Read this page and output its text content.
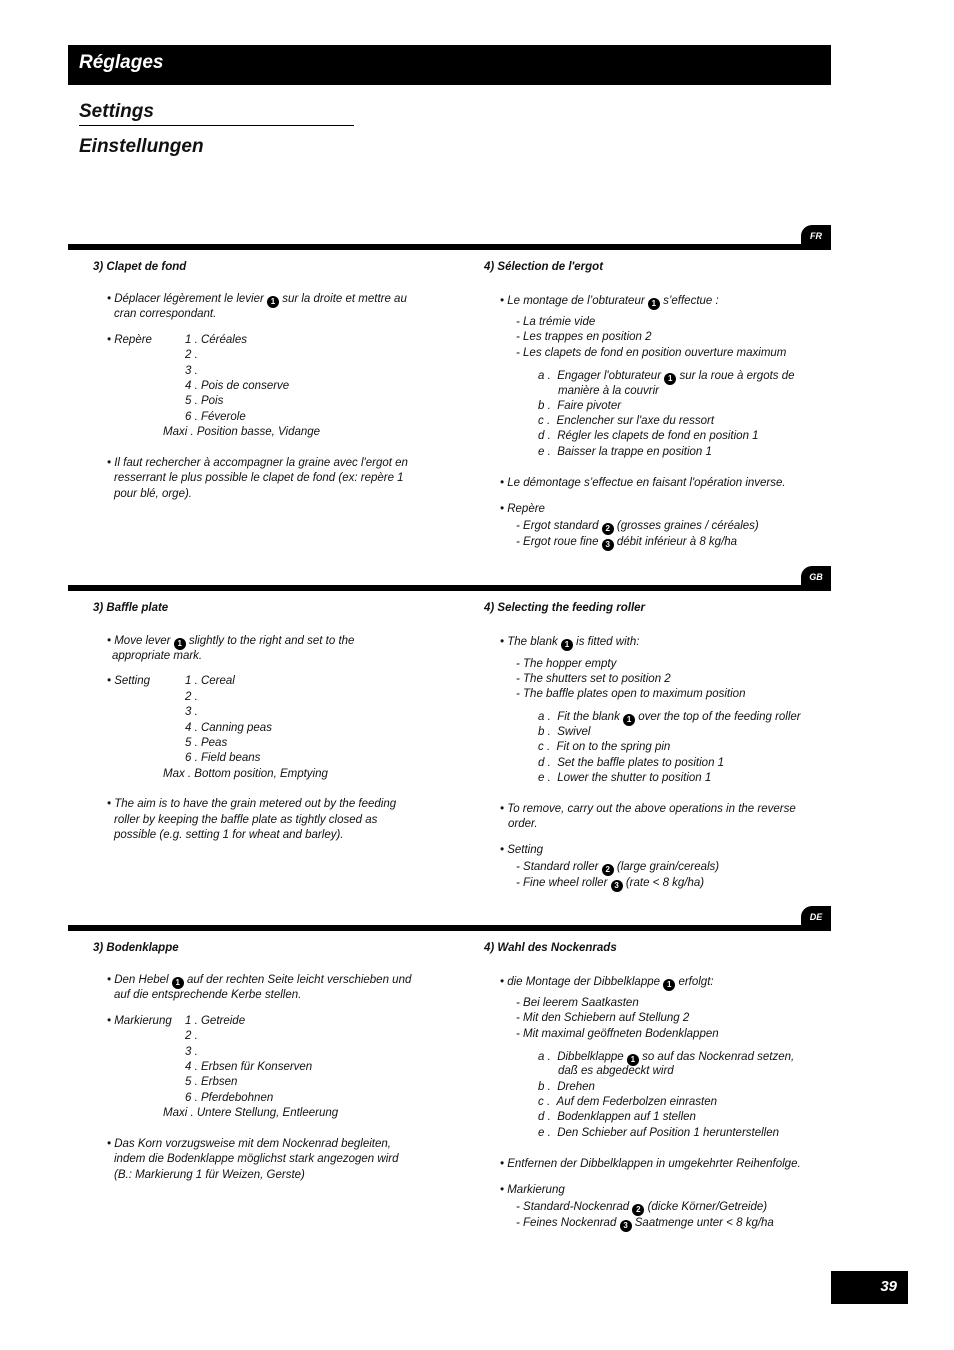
Réglages
Settings
Einstellungen
FR
3) Clapet de fond
• Déplacer légèrement le levier 1 sur la droite et mettre au
cran correspondant.
• Repère	1 . Céréales
2 .
3 .
4 . Pois de conserve
5 . Pois
6 . Féverole
Maxi . Position basse, Vidange
• Il faut rechercher à accompagner la graine avec l'ergot en
resserrant le plus possible le clapet de fond (ex: repère 1
pour blé, orge).
4) Sélection de l'ergot
• Le montage de l’obturateur 1 s’effectue :
- La trémie vide
- Les trappes en position 2
- Les clapets de fond en position ouverture maximum
a . Engager l'obturateur 1 sur la roue à ergots de
manière à la couvrir
b . Faire pivoter
c . Enclencher sur l'axe du ressort
d . Régler les clapets de fond en position 1
e . Baisser la trappe en position 1
• Le démontage s’effectue en faisant l'opération inverse.
• Repère
- Ergot standard 2 (grosses graines / céréales)
- Ergot roue fine 3 débit inférieur à 8 kg/ha
GB
3) Baffle plate
• Move lever 1 slightly to the right and set to the
appropriate mark.
• Setting	1 . Cereal
2 .
3 .
4 . Canning peas
5 . Peas
6 . Field beans
Max . Bottom position, Emptying
• The aim is to have the grain metered out by the feeding
roller by keeping the baffle plate as tightly closed as
possible (e.g. setting 1 for wheat and barley).
4) Selecting the feeding roller
• The blank 1 is fitted with:
- The hopper empty
- The shutters set to position 2
- The baffle plates open to maximum position
a . Fit the blank 1 over the top of the feeding roller
b . Swivel
c . Fit on to the spring pin
d . Set the baffle plates to position 1
e . Lower the shutter to position 1
• To remove, carry out the above operations in the reverse
order.
• Setting
- Standard roller 2 (large grain/cereals)
- Fine wheel roller 3 (rate < 8 kg/ha)
DE
3) Bodenklappe
• Den Hebel 1 auf der rechten Seite leicht verschieben und
auf die entsprechende Kerbe stellen.
• Markierung 1 . Getreide
2 .
3 .
4 . Erbsen für Konserven
5 . Erbsen
6 . Pferdebohnen
Maxi . Untere Stellung, Entleerung
• Das Korn vorzugsweise mit dem Nockenrad begleiten,
indem die Bodenklappe möglichst stark angezogen wird
(B.: Markierung 1 für Weizen, Gerste)
4) Wahl des Nockenrads
• die Montage der Dibbelklappe 1 erfolgt:
- Bei leerem Saatkasten
- Mit den Schiebern auf Stellung 2
- Mit maximal geöffneten Bodenklappen
a . Dibbelklappe 1 so auf das Nockenrad setzen,
daß es abgedeckt wird
b . Drehen
c . Auf dem Federbolzen einrasten
d . Bodenklappen auf 1 stellen
e . Den Schieber auf Position 1 herunterstellen
• Entfernen der Dibbelklappen in umgekehrter Reihenfolge.
• Markierung
- Standard-Nockenrad 2 (dicke Körner/Getreide)
- Feines Nockenrad 3 Saatmenge unter < 8 kg/ha
39
